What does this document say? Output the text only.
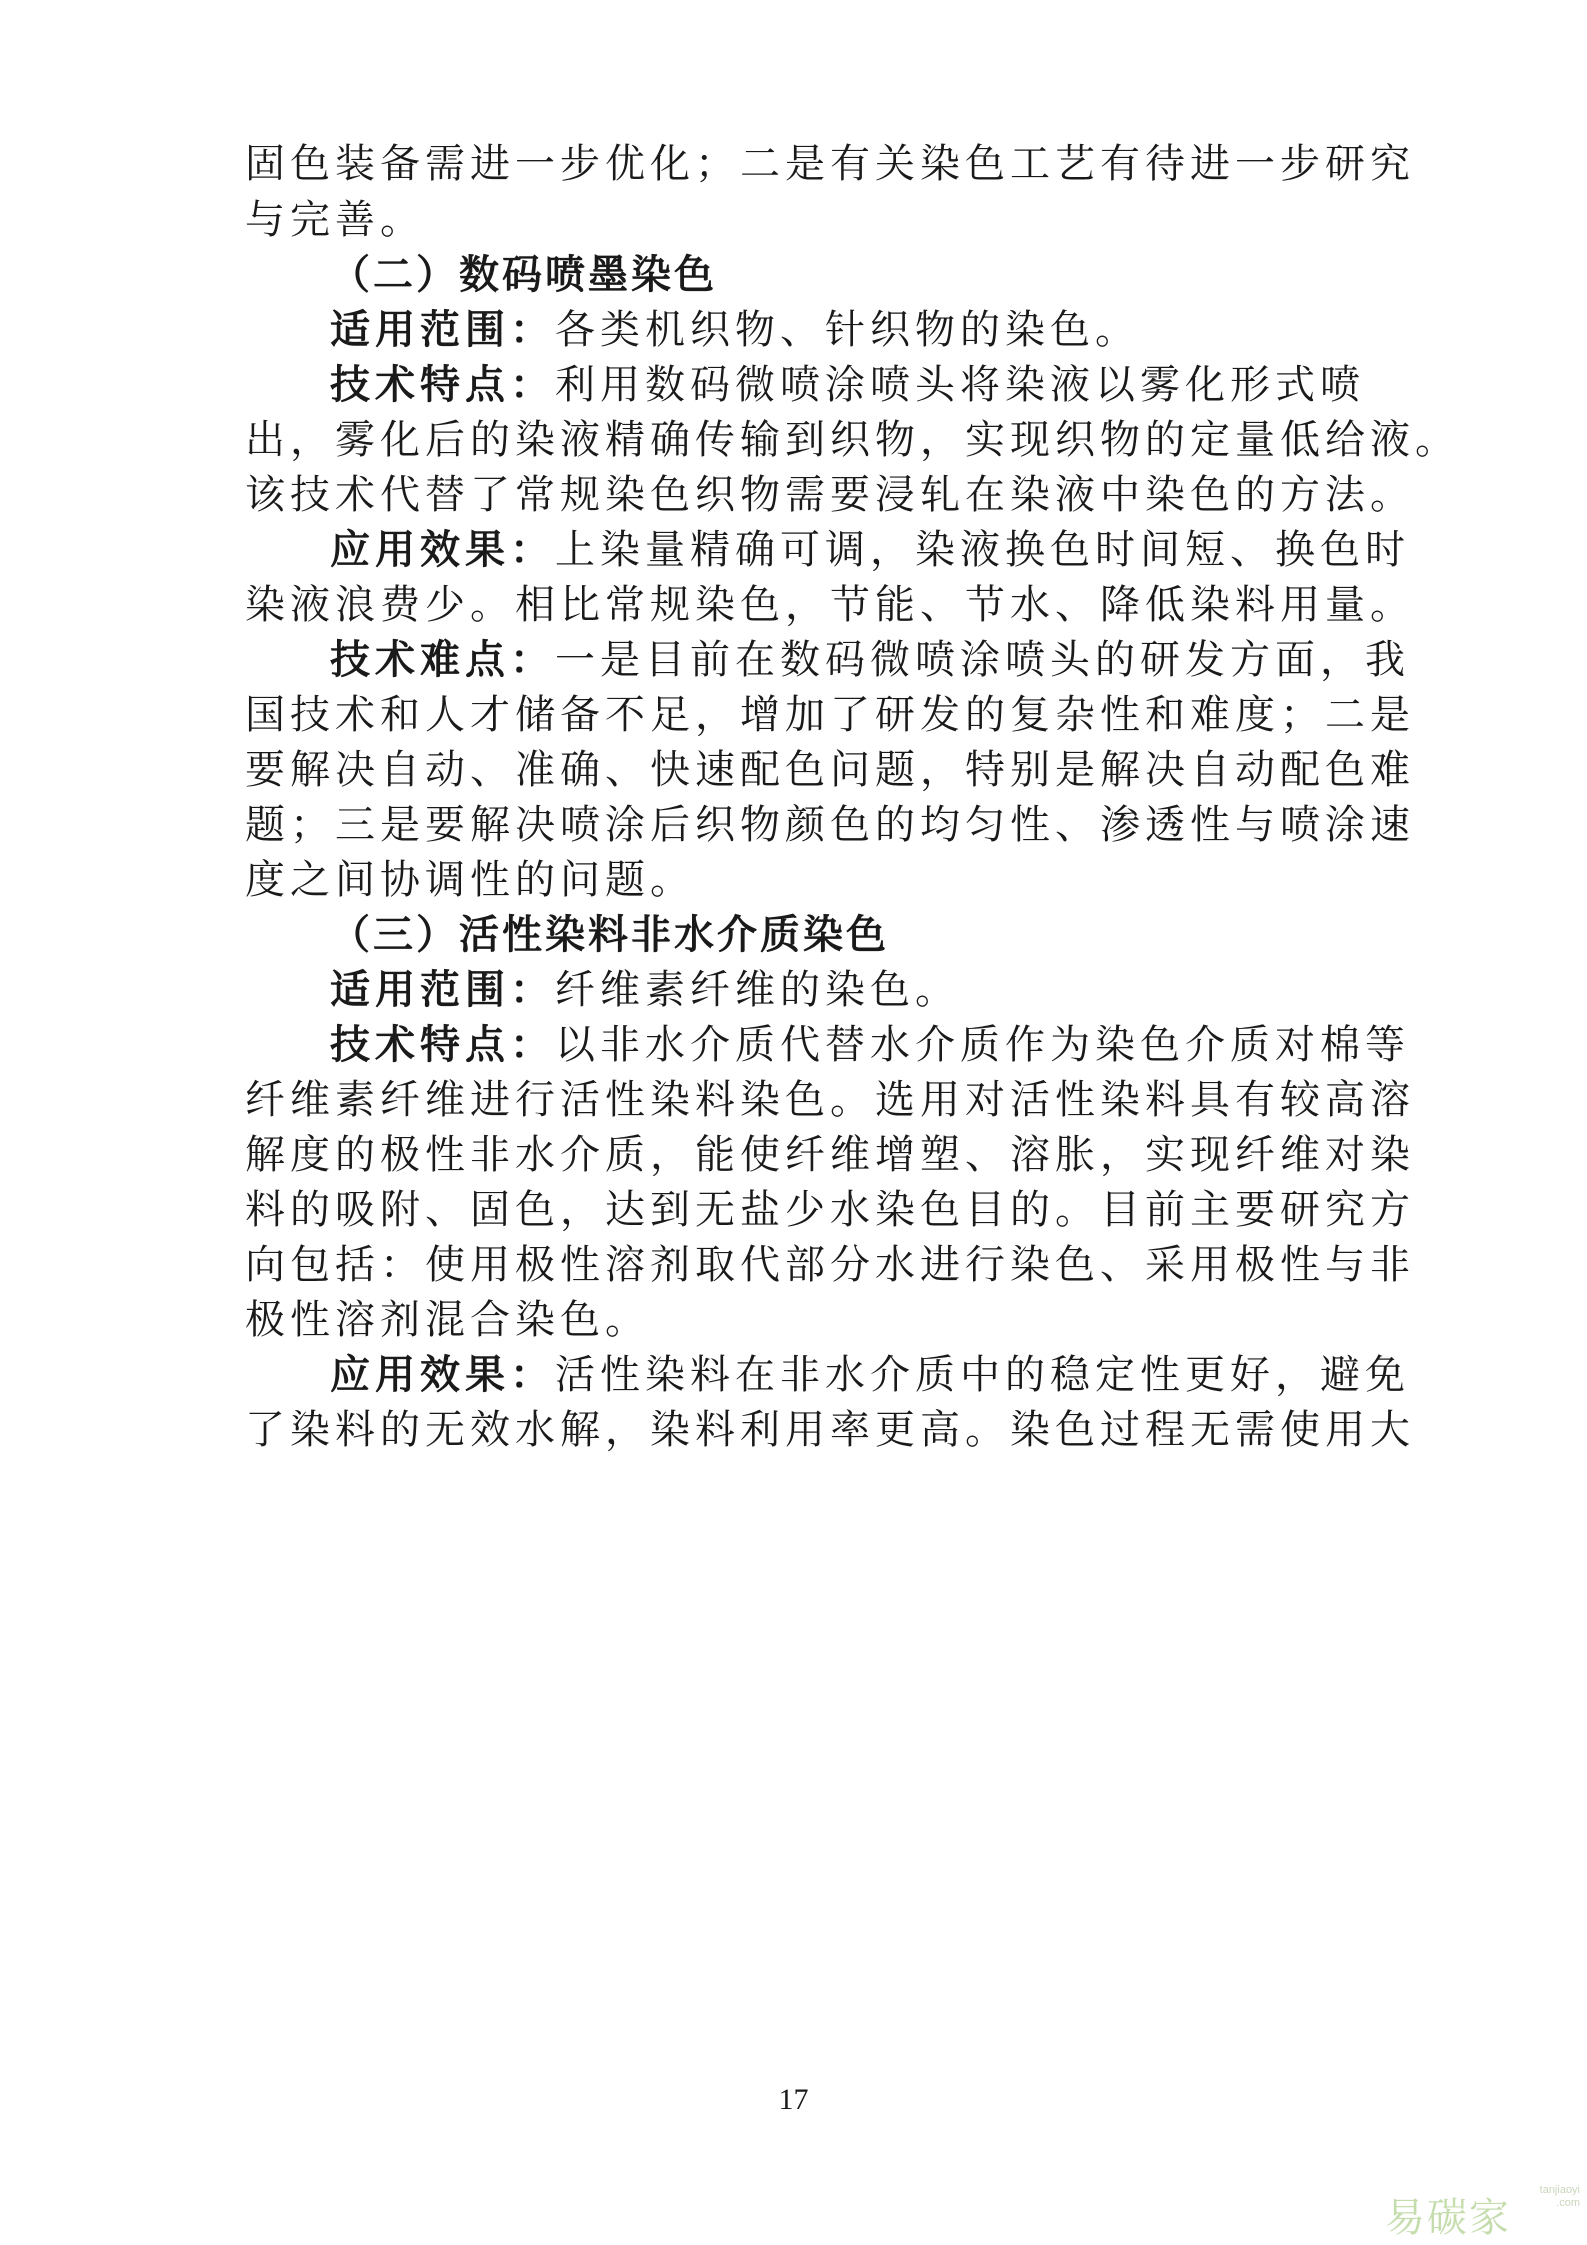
固色装备需进一步优化；二是有关染色工艺有待进一步研究
与完善。
（二）数码喷墨染色
适用范围：各类机织物、针织物的染色。
技术特点：利用数码微喷涂喷头将染液以雾化形式喷
出，雾化后的染液精确传输到织物，实现织物的定量低给液。
该技术代替了常规染色织物需要浸轧在染液中染色的方法。
应用效果：上染量精确可调，染液换色时间短、换色时
染液浪费少。相比常规染色，节能、节水、降低染料用量。
技术难点：一是目前在数码微喷涂喷头的研发方面，我
国技术和人才储备不足，增加了研发的复杂性和难度；二是
要解决自动、准确、快速配色问题，特别是解决自动配色难
题；三是要解决喷涂后织物颜色的均匀性、渗透性与喷涂速
度之间协调性的问题。
（三）活性染料非水介质染色
适用范围：纤维素纤维的染色。
技术特点：以非水介质代替水介质作为染色介质对棉等
纤维素纤维进行活性染料染色。选用对活性染料具有较高溶
解度的极性非水介质，能使纤维增塑、溶胀，实现纤维对染
料的吸附、固色，达到无盐少水染色目的。目前主要研究方
向包括：使用极性溶剂取代部分水进行染色、采用极性与非
极性溶剂混合染色。
应用效果：活性染料在非水介质中的稳定性更好，避免
了染料的无效水解，染料利用率更高。染色过程无需使用大
17
易碳家
tanjiaoyi
.com
